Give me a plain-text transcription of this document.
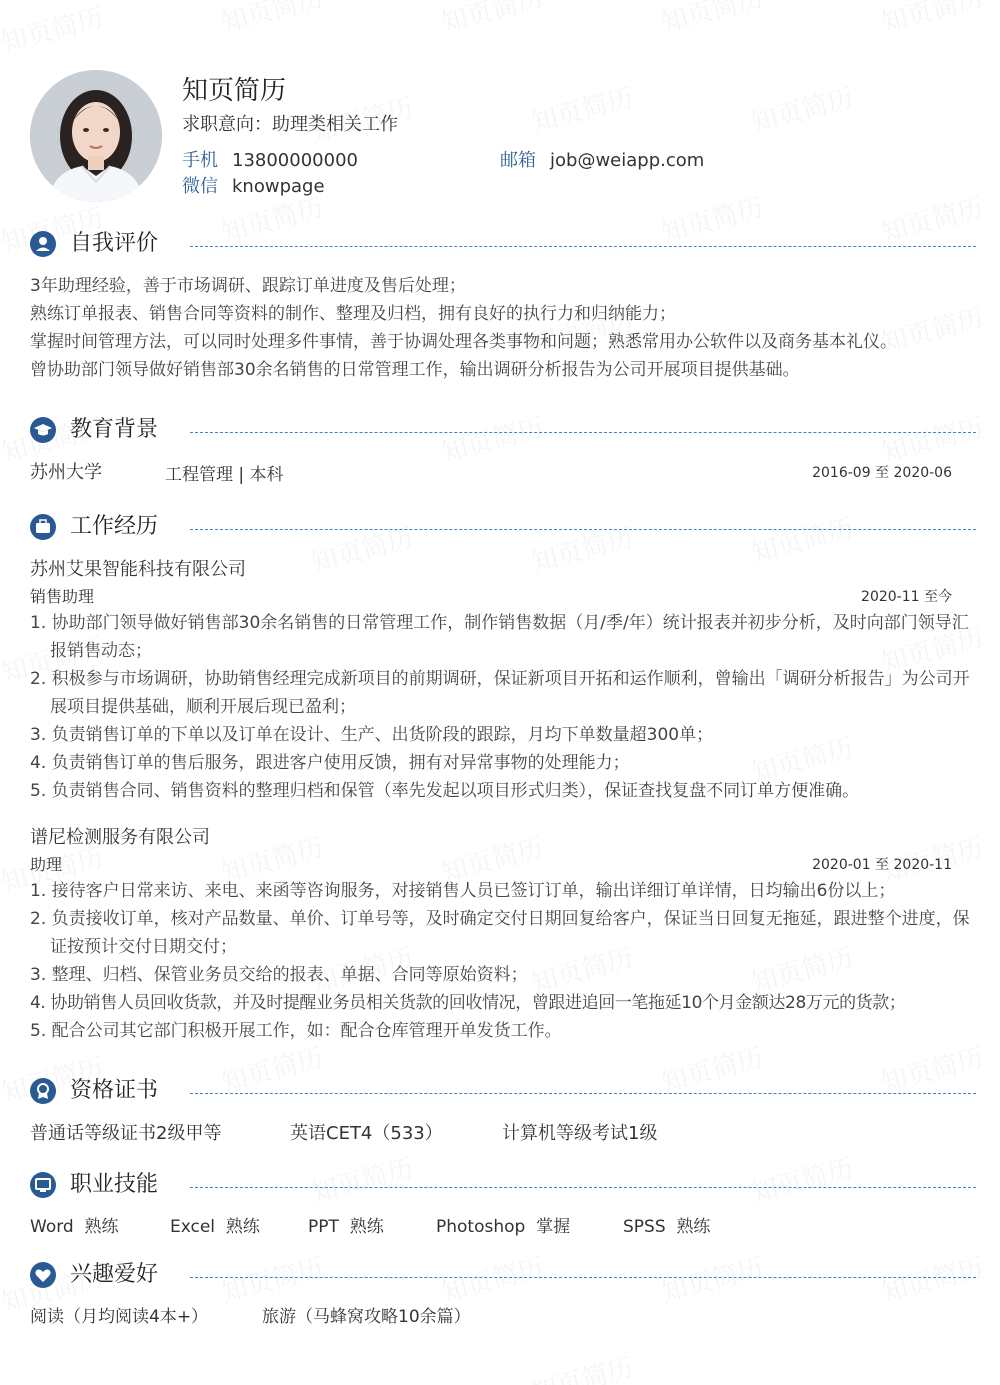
知页简历
求职意向：助理类相关工作
手机 13800000000	邮箱 job@weiapp.com
微信 knowpage
自我评价
3年助理经验，善于市场调研、跟踪订单进度及售后处理；
熟练订单报表、销售合同等资料的制作、整理及归档，拥有良好的执行力和归纳能力；
掌握时间管理方法，可以同时处理多件事情，善于协调处理各类事物和问题；熟悉常用办公软件以及商务基本礼仪。
曾协助部门领导做好销售部30余名销售的日常管理工作，输出调研分析报告为公司开展项目提供基础。
教育背景
苏州大学	工程管理 | 本科	2016-09 至 2020-06
工作经历
苏州艾果智能科技有限公司
销售助理	2020-11 至今
1. 协助部门领导做好销售部30余名销售的日常管理工作，制作销售数据（月/季/年）统计报表并初步分析，及时向部门领导汇报销售动态；
2. 积极参与市场调研，协助销售经理完成新项目的前期调研，保证新项目开拓和运作顺利，曾输出「调研分析报告」为公司开展项目提供基础，顺利开展后现已盈利；
3. 负责销售订单的下单以及订单在设计、生产、出货阶段的跟踪，月均下单数量超300单；
4. 负责销售订单的售后服务，跟进客户使用反馈，拥有对异常事物的处理能力；
5. 负责销售合同、销售资料的整理归档和保管（率先发起以项目形式归类），保证查找复盘不同订单方便准确。
谱尼检测服务有限公司
助理	2020-01 至 2020-11
1. 接待客户日常来访、来电、来函等咨询服务，对接销售人员已签订订单，输出详细订单详情，日均输出6份以上；
2. 负责接收订单，核对产品数量、单价、订单号等，及时确定交付日期回复给客户，保证当日回复无拖延，跟进整个进度，保证按预计交付日期交付；
3. 整理、归档、保管业务员交给的报表、单据、合同等原始资料；
4. 协助销售人员回收货款，并及时提醒业务员相关货款的回收情况，曾跟进追回一笔拖延10个月金额达28万元的货款；
5. 配合公司其它部门积极开展工作，如：配合仓库管理开单发货工作。
资格证书
普通话等级证书2级甲等	英语CET4（533）	计算机等级考试1级
职业技能
Word 熟练	Excel 熟练	PPT 熟练	Photoshop 掌握	SPSS 熟练
兴趣爱好
阅读（月均阅读4本+）	旅游（马蜂窝攻略10余篇）
